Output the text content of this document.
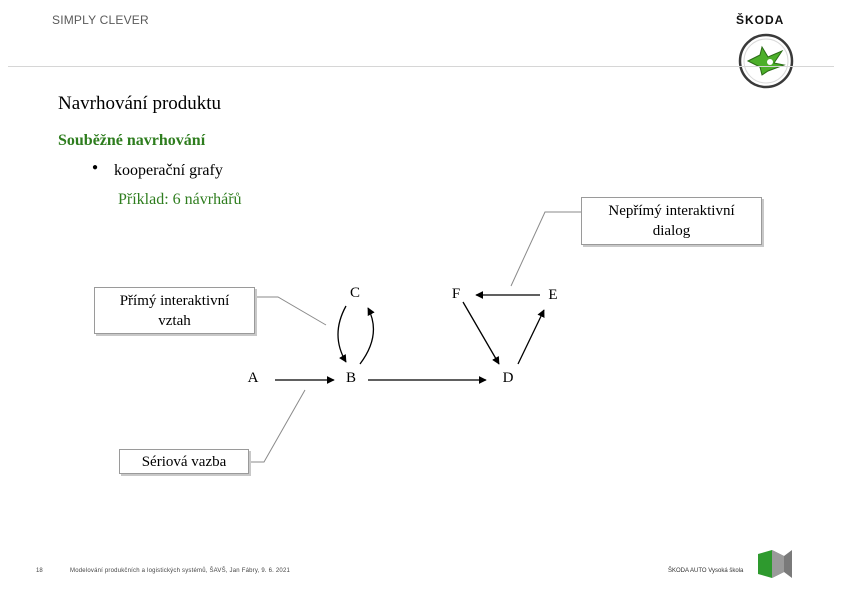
SIMPLY CLEVER	ŠKODA
Navrhování produktu
Souběžné navrhování
● kooperační grafy
Příklad: 6 návrhářů
Nepřímý interaktivní
dialog
Přímý interaktivní
vztah
Sériová vazba
A	B
C
D
E
F
18	Modelování produkčních a logistických systémů, ŠAVŠ, Jan Fábry, 9. 6. 2021	ŠKODA AUTO Vysoká škola
